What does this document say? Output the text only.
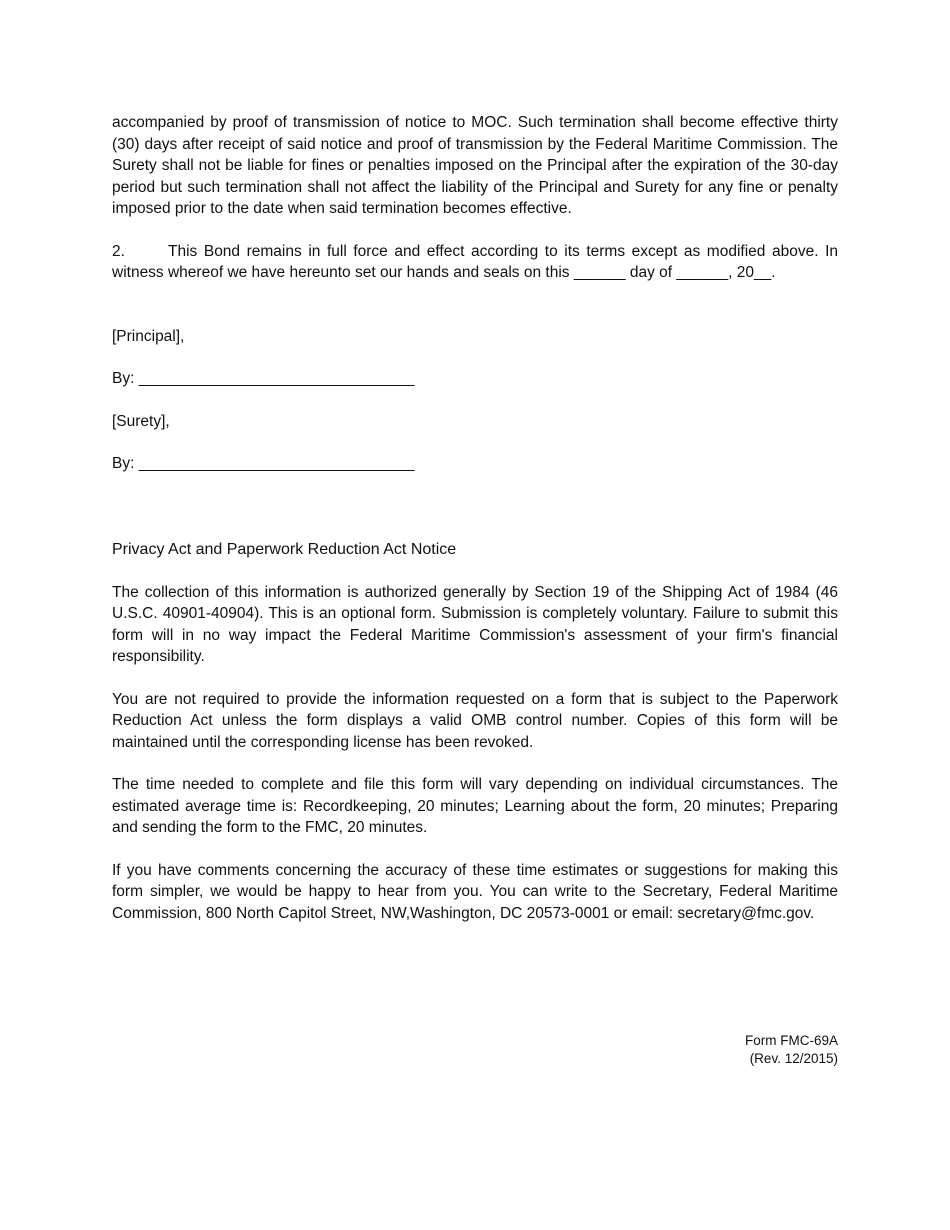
accompanied by proof of transmission of notice to MOC. Such termination shall become effective thirty (30) days after receipt of said notice and proof of transmission by the Federal Maritime Commission. The Surety shall not be liable for fines or penalties imposed on the Principal after the expiration of the 30-day period but such termination shall not affect the liability of the Principal and Surety for any fine or penalty imposed prior to the date when said termination becomes effective.

2.	This Bond remains in full force and effect according to its terms except as modified above. In witness whereof we have hereunto set our hands and seals on this ______ day of ______, 20__.

[Principal],

By: ________________________________

[Surety],

By: ________________________________

Privacy Act and Paperwork Reduction Act Notice

The collection of this information is authorized generally by Section 19 of the Shipping Act of 1984 (46 U.S.C. 40901-40904). This is an optional form. Submission is completely voluntary. Failure to submit this form will in no way impact the Federal Maritime Commission's assessment of your firm's financial responsibility.

You are not required to provide the information requested on a form that is subject to the Paperwork Reduction Act unless the form displays a valid OMB control number. Copies of this form will be maintained until the corresponding license has been revoked.

The time needed to complete and file this form will vary depending on individual circumstances. The estimated average time is: Recordkeeping, 20 minutes; Learning about the form, 20 minutes; Preparing and sending the form to the FMC, 20 minutes.

If you have comments concerning the accuracy of these time estimates or suggestions for making this form simpler, we would be happy to hear from you. You can write to the Secretary, Federal Maritime Commission, 800 North Capitol Street, NW,Washington, DC 20573-0001 or email: secretary@fmc.gov.

Form FMC-69A
(Rev. 12/2015)
